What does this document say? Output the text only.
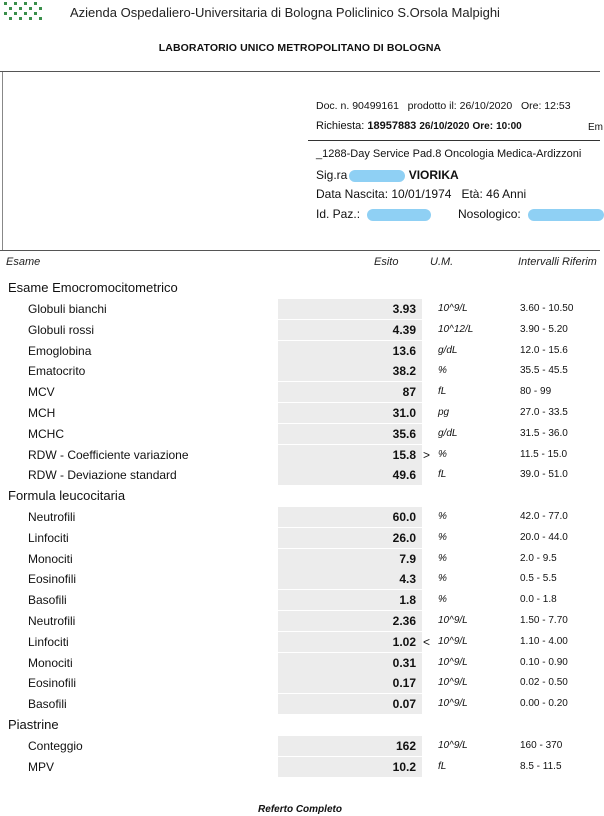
Azienda Ospedaliero-Universitaria di Bologna Policlinico S.Orsola Malpighi
LABORATORIO UNICO METROPOLITANO DI BOLOGNA
Doc. n. 90499161 prodotto il: 26/10/2020 Ore: 12:53
Richiesta: 18957883 26/10/2020 Ore: 10:00	Em
_1288-Day Service Pad.8 Oncologia Medica-Ardizzoni
Sig.ra	VIORIKA
Data Nascita: 10/01/1974 Età: 46 Anni
Id. Paz.:	Nosologico:
Esame	Esito	U.M.	Intervalli Riferim
Esame Emocromocitometrico
Globuli bianchi	3.93 10^9/L	3.60 - 10.50
Globuli rossi	4.39 10^12/L	3.90 - 5.20
Emoglobina	13.6 g/dL	12.0 - 15.6
Ematocrito	38.2 %	35.5 - 45.5
MCV	87 fL	80 - 99
MCH	31.0 pg	27.0 - 33.5
MCHC	35.6 g/dL	31.5 - 36.0
RDW - Coefficiente variazione	15.8 > %	11.5 - 15.0
RDW - Deviazione standard	49.6 fL	39.0 - 51.0
Formula leucocitaria
Neutrofili	60.0 %	42.0 - 77.0
Linfociti	26.0 %	20.0 - 44.0
Monociti	7.9 %	2.0 - 9.5
Eosinofili	4.3 %	0.5 - 5.5
Basofili	1.8 %	0.0 - 1.8
Neutrofili	2.36 10^9/L	1.50 - 7.70
Linfociti	1.02 < 10^9/L	1.10 - 4.00
Monociti	0.31 10^9/L	0.10 - 0.90
Eosinofili	0.17 10^9/L	0.02 - 0.50
Basofili	0.07 10^9/L	0.00 - 0.20
Piastrine
Conteggio	162 10^9/L	160 - 370
MPV	10.2 fL	8.5 - 11.5
Referto Completo
